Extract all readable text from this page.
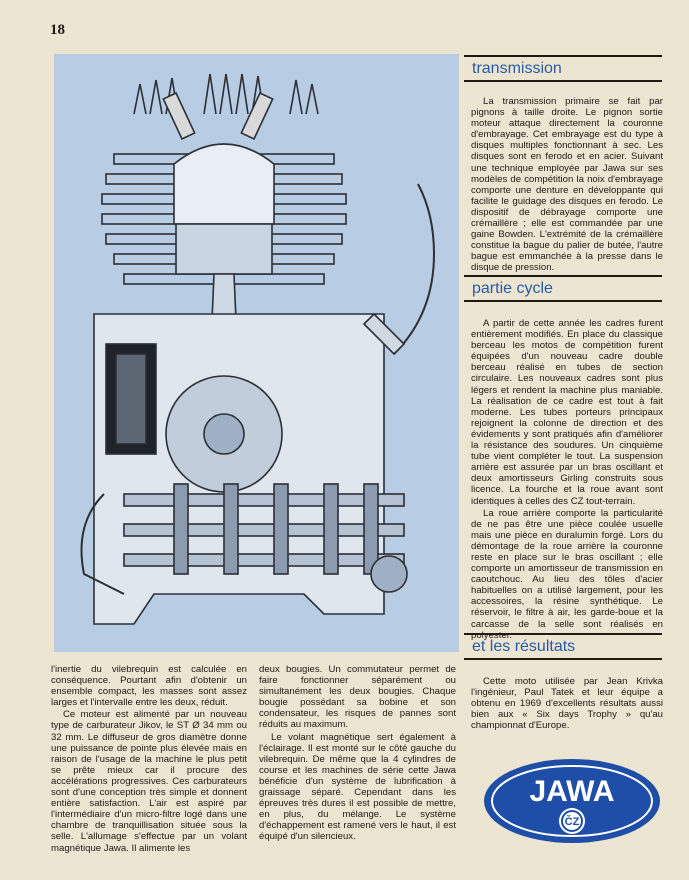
18
transmission

La transmission primaire se fait par pignons à taille droite. Le pignon sortie moteur attaque directement la couronne d'embrayage. Cet embrayage est du type à disques multiples fonctionnant à sec. Les disques sont en ferodo et en acier. Suivant une technique employée par Jawa sur ses modèles de compétition la noix d'embrayage comporte une denture en développante qui facilite le guidage des disques en ferodo. Le dispositif de débrayage comporte une crémaillère ; elle est commandée par une gaine Bowden. L'extrémité de la crémaillère constitue la bague du palier de butée, l'autre bague est emmanchée à la presse dans le disque de pression.

partie cycle

A partir de cette année les cadres furent entièrement modifiés. En place du classique berceau les motos de compétition furent équipées d'un nouveau cadre double berceau réalisé en tubes de section circulaire. Les nouveaux cadres sont plus légers et rendent la machine plus maniable. La réalisation de ce cadre est tout à fait moderne. Les tubes porteurs principaux rejoignent la colonne de direction et des évidements y sont pratiqués afin d'améliorer la résistance des soudures. Un cinquième tube vient compléter le tout. La suspension arrière est assurée par un bras oscillant et deux amortisseurs Girling construits sous licence. La fourche et la roue avant sont identiques à celles des CZ tout-terrain.

La roue arrière comporte la particularité de ne pas être une pièce coulée usuelle mais une pièce en duralumin forgé. Lors du démontage de la roue arrière la couronne reste en place sur le bras oscillant ; elle comporte un amortisseur de transmission en caoutchouc. Au lieu des tôles d'acier habituelles on a utilisé largement, pour les accessoires, la résine synthétique. Le réservoir, le filtre à air, les garde-boue et la carcasse de la selle sont réalisés en polyester.

et les résultats

Cette moto utilisée par Jean Krivka l'ingénieur, Paul Tatek et leur équipe a obtenu en 1969 d'excellents résultats aussi bien aux « Six days Trophy » qu'au championnat d'Europe.

l'inertie du vilebrequin est calculée en conséquence. Pourtant afin d'obtenir un ensemble compact, les masses sont assez larges et l'intervalle entre les deux, réduit.

Ce moteur est alimenté par un nouveau type de carburateur Jikov, le ST Ø 34 mm ou 32 mm. Le diffuseur de gros diamètre donne une puissance de pointe plus élevée mais en raison de l'usage de la machine le plus petit se prête mieux car il procure des accélérations progressives. Ces carburateurs sont d'une conception très simple et donnent entière satisfaction. L'air est aspiré par l'intermédiaire d'un micro-filtre logé dans une chambre de tranquillisation située sous la selle. L'allumage s'effectue par un volant magnétique Jawa. Il alimente les

deux bougies. Un commutateur permet de faire fonctionner séparément ou simultanément les deux bougies. Chaque bougie possédant sa bobine et son condensateur, les risques de pannes sont réduits au maximum.

Le volant magnétique sert également à l'éclairage. Il est monté sur le côté gauche du vilebrequin. De même que la 4 cylindres de course et les machines de série cette Jawa bénéficie d'un système de lubrification à graissage séparé. Cependant dans les épreuves très dures il est possible de mettre, en plus, du mélange. Le système d'échappement est ramené vers le haut, il est équipé d'un silencieux.

JAWA
ČZ
